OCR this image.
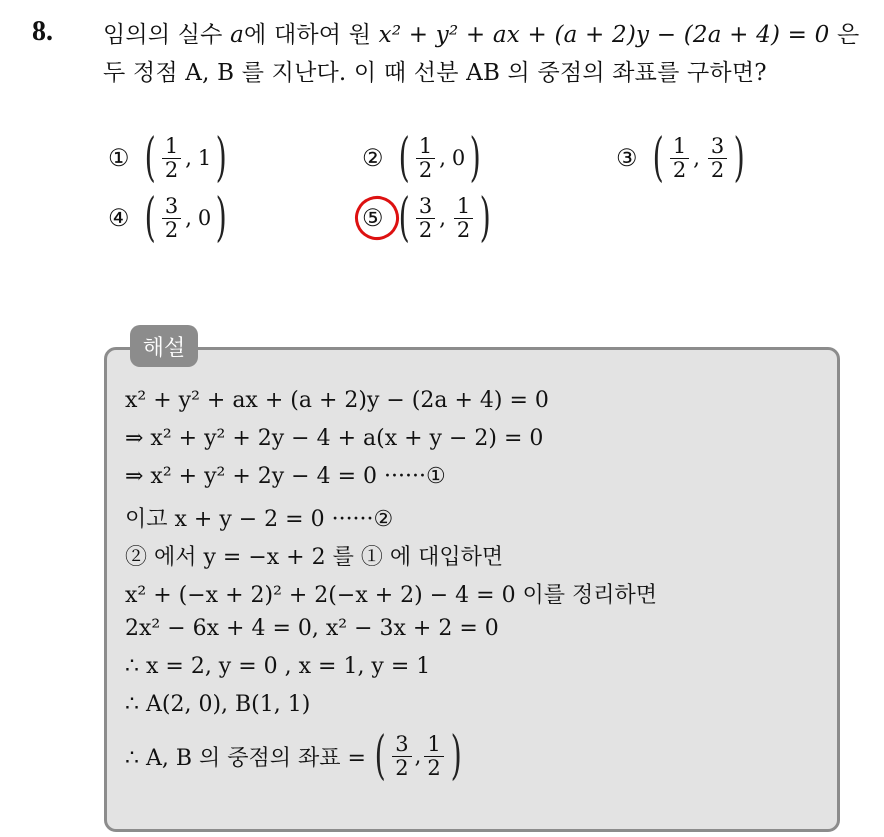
8. 임의의 실수 a에 대하여 원 x² + y² + ax + (a + 2)y − (2a + 4) = 0 은
두 정점 A, B 를 지난다. 이 때 선분 AB 의 중점의 좌표를 구하면?
① ( $\frac{1}{2}$ , 1 )	② ( $\frac{1}{2}$ , 0 )	③ ( $\frac{1}{2}$ , $\frac{3}{2}$ )
④ ( $\frac{3}{2}$ , 0 )	⑤ ( $\frac{3}{2}$ , $\frac{1}{2}$ )
해설
x² + y² + ax + (a + 2)y − (2a + 4) = 0
⇒ x² + y² + 2y − 4 + a(x + y − 2) = 0
⇒ x² + y² + 2y − 4 = 0 ······①
이고 x + y − 2 = 0 ······②
② 에서 y = −x + 2 를 ① 에 대입하면
x² + (−x + 2)² + 2(−x + 2) − 4 = 0 이를 정리하면
2x² − 6x + 4 = 0, x² − 3x + 2 = 0
∴ x = 2, y = 0 , x = 1, y = 1
∴ A(2, 0), B(1, 1)
∴ A, B 의 중점의 좌표 = ( $\frac{3}{2}$ , $\frac{1}{2}$ )
